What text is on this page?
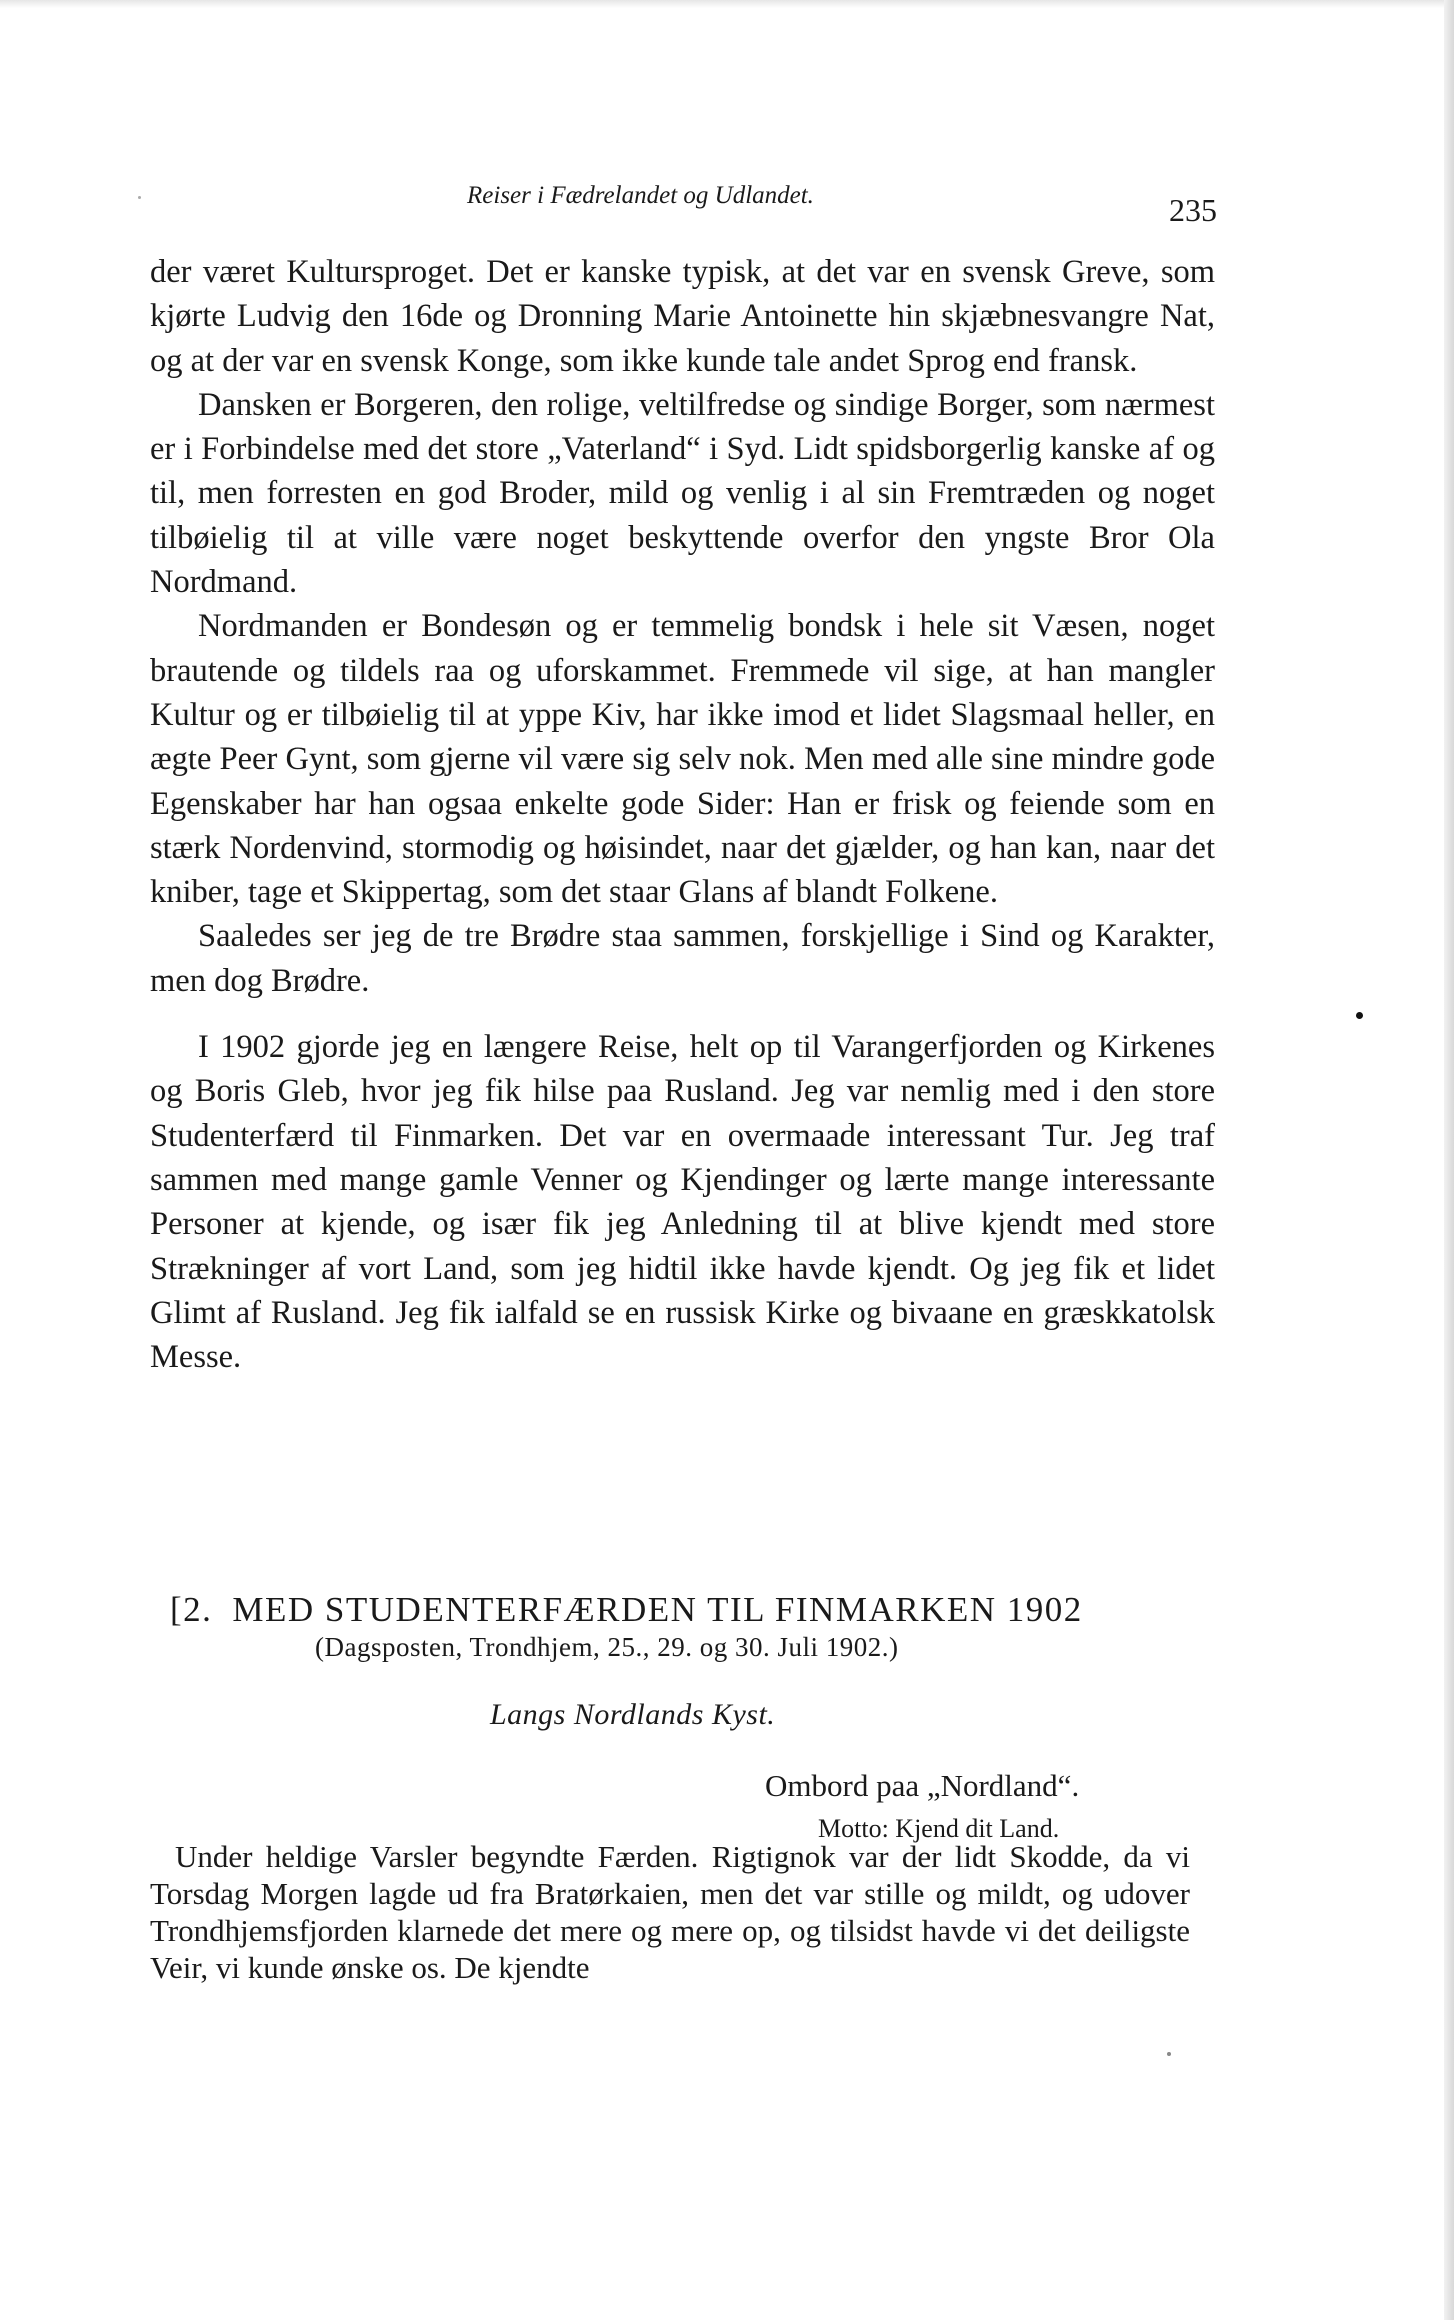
Reiser i Fædrelandet og Udlandet.	235

der været Kultursproget. Det er kanske typisk, at det var en svensk Greve, som kjørte Ludvig den 16de og Dronning Marie Antoinette hin skjæbnesvangre Nat, og at der var en svensk Konge, som ikke kunde tale andet Sprog end fransk.

Dansken er Borgeren, den rolige, veltilfredse og sindige Borger, som nærmest er i Forbindelse med det store „Vaterland“ i Syd. Lidt spidsborgerlig kanske af og til, men forresten en god Broder, mild og venlig i al sin Fremtræden og noget tilbøielig til at ville være noget beskyttende overfor den yngste Bror Ola Nordmand.

Nordmanden er Bondesøn og er temmelig bondsk i hele sit Væsen, noget brautende og tildels raa og uforskammet. Fremmede vil sige, at han mangler Kultur og er tilbøielig til at yppe Kiv, har ikke imod et lidet Slagsmaal heller, en ægte Peer Gynt, som gjerne vil være sig selv nok. Men med alle sine mindre gode Egenskaber har han ogsaa enkelte gode Sider: Han er frisk og feiende som en stærk Nordenvind, stormodig og høisindet, naar det gjælder, og han kan, naar det kniber, tage et Skippertag, som det staar Glans af blandt Folkene.

Saaledes ser jeg de tre Brødre staa sammen, forskjellige i Sind og Karakter, men dog Brødre.

I 1902 gjorde jeg en længere Reise, helt op til Varangerfjorden og Kirkenes og Boris Gleb, hvor jeg fik hilse paa Rusland. Jeg var nemlig med i den store Studenterfærd til Finmarken. Det var en overmaade interessant Tur. Jeg traf sammen med mange gamle Venner og Kjendinger og lærte mange interessante Personer at kjende, og især fik jeg Anledning til at blive kjendt med store Strækninger af vort Land, som jeg hidtil ikke havde kjendt. Og jeg fik et lidet Glimt af Rusland. Jeg fik ialfald se en russisk Kirke og bivaane en græskkatolsk Messe.

[2. MED STUDENTERFÆRDEN TIL FINMARKEN 1902
(Dagsposten, Trondhjem, 25., 29. og 30. Juli 1902.)
Langs Nordlands Kyst.
Ombord paa „Nordland“.
Motto: Kjend dit Land.

Under heldige Varsler begyndte Færden. Rigtignok var der lidt Skodde, da vi Torsdag Morgen lagde ud fra Bratørkaien, men det var stille og mildt, og udover Trondhjemsfjorden klarnede det mere og mere op, og tilsidst havde vi det deiligste Veir, vi kunde ønske os. De kjendte
